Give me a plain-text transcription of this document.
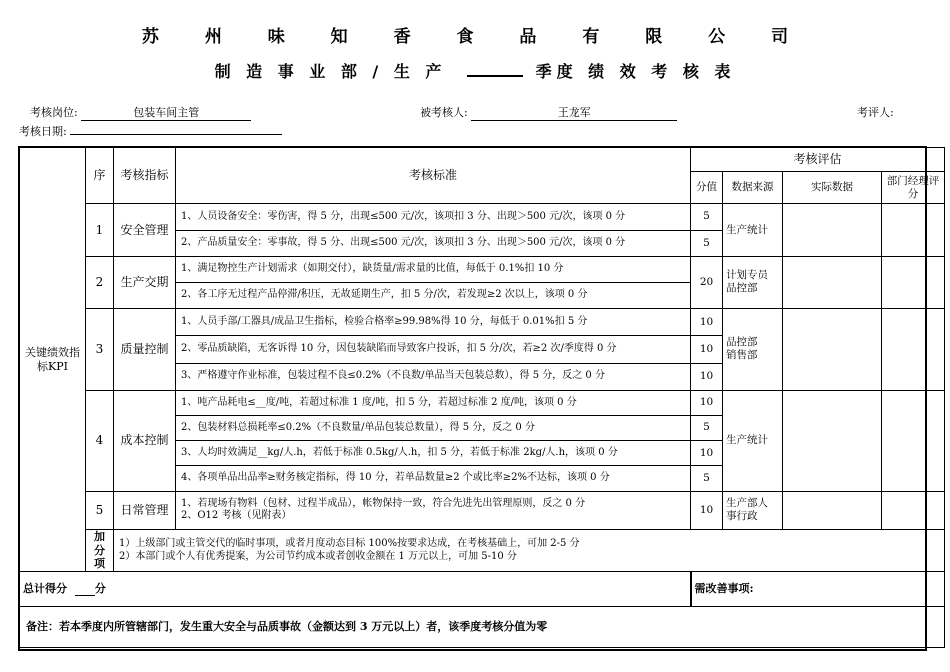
苏 州 味 知 香 食 品 有 限 公 司
制 造 事 业 部 / 生 产	季度 绩 效 考 核 表
考核岗位:	包装车间主管	被考核人:	王龙军	考评人:
考核日期:
关键绩效指标KPI	序	考核指标	考核标准	考核评估			
				分值	数据来源	实际数据	部门经理评分
	1	安全管理	1、人员设备安全：零伤害，得 5 分，出现≤500 元/次，该项扣 3 分、出现＞500 元/次，该项 0 分	5	生产统计		
			2、产品质量安全：零事故，得 5 分、出现≤500 元/次，该项扣 3 分、出现＞500 元/次，该项 0 分	5			
	2	生产交期	1、满足物控生产计划需求（如期交付），缺货量/需求量的比值，每低于 0.1%扣 10 分	20	计划专员品控部		

			2、各工序无过程产品停滞/积压，无故延期生产，扣 5 分/次，若发现≥2 次以上，该项 0 分				
	3	质量控制	1、人员手部/工器具/成品卫生指标，检验合格率≥99.98%得 10 分，每低于 0.01%扣 5 分	10	品控部销售部		

			2、零品质缺陷，无客诉得 10 分，因包装缺陷而导致客户投诉，扣 5 分/次，若≥2 次/季度得 0 分	10			
			3、严格遵守作业标准，包装过程不良≤0.2%（不良数/单品当天包装总数），得 5 分，反之 0 分	10			
	4	成本控制	1、吨产品耗电≤__度/吨，若超过标准 1 度/吨，扣 5 分，若超过标准 2 度/吨，该项 0 分	10	生产统计		
			2、包装材料总损耗率≤0.2%（不良数量/单品包装总数量），得 5 分，反之 0 分	5			
			3、人均时效满足__kg/人.h，若低于标准 0.5kg/人.h，扣 5 分，若低于标准 2kg/人.h，该项 0 分	10			
			4、各项单品出品率≥财务核定指标，得 10 分，若单品数量≥2 个或比率≥2%不达标，该项 0 分	5			
	5	日常管理	1、若现场有物料（包材、过程半成品），帐物保持一致，符合先进先出管理原则，反之 0 分
2、O12 考核（见附表）	10	生产部人事行政		

	加分项	1）上级部门或主管交代的临时事项，或者月度动态目标 100%按要求达成，在考核基础上，可加 2-5 分
2）本部门或个人有优秀提案，为公司节约成本或者创收金额在 1 万元以上，可加 5-10 分					

总计得分 分				需改善事项:			
备注：若本季度内所管辖部门，发生重大安全与品质事故（金额达到 3 万元以上）者，该季度考核分值为零							
